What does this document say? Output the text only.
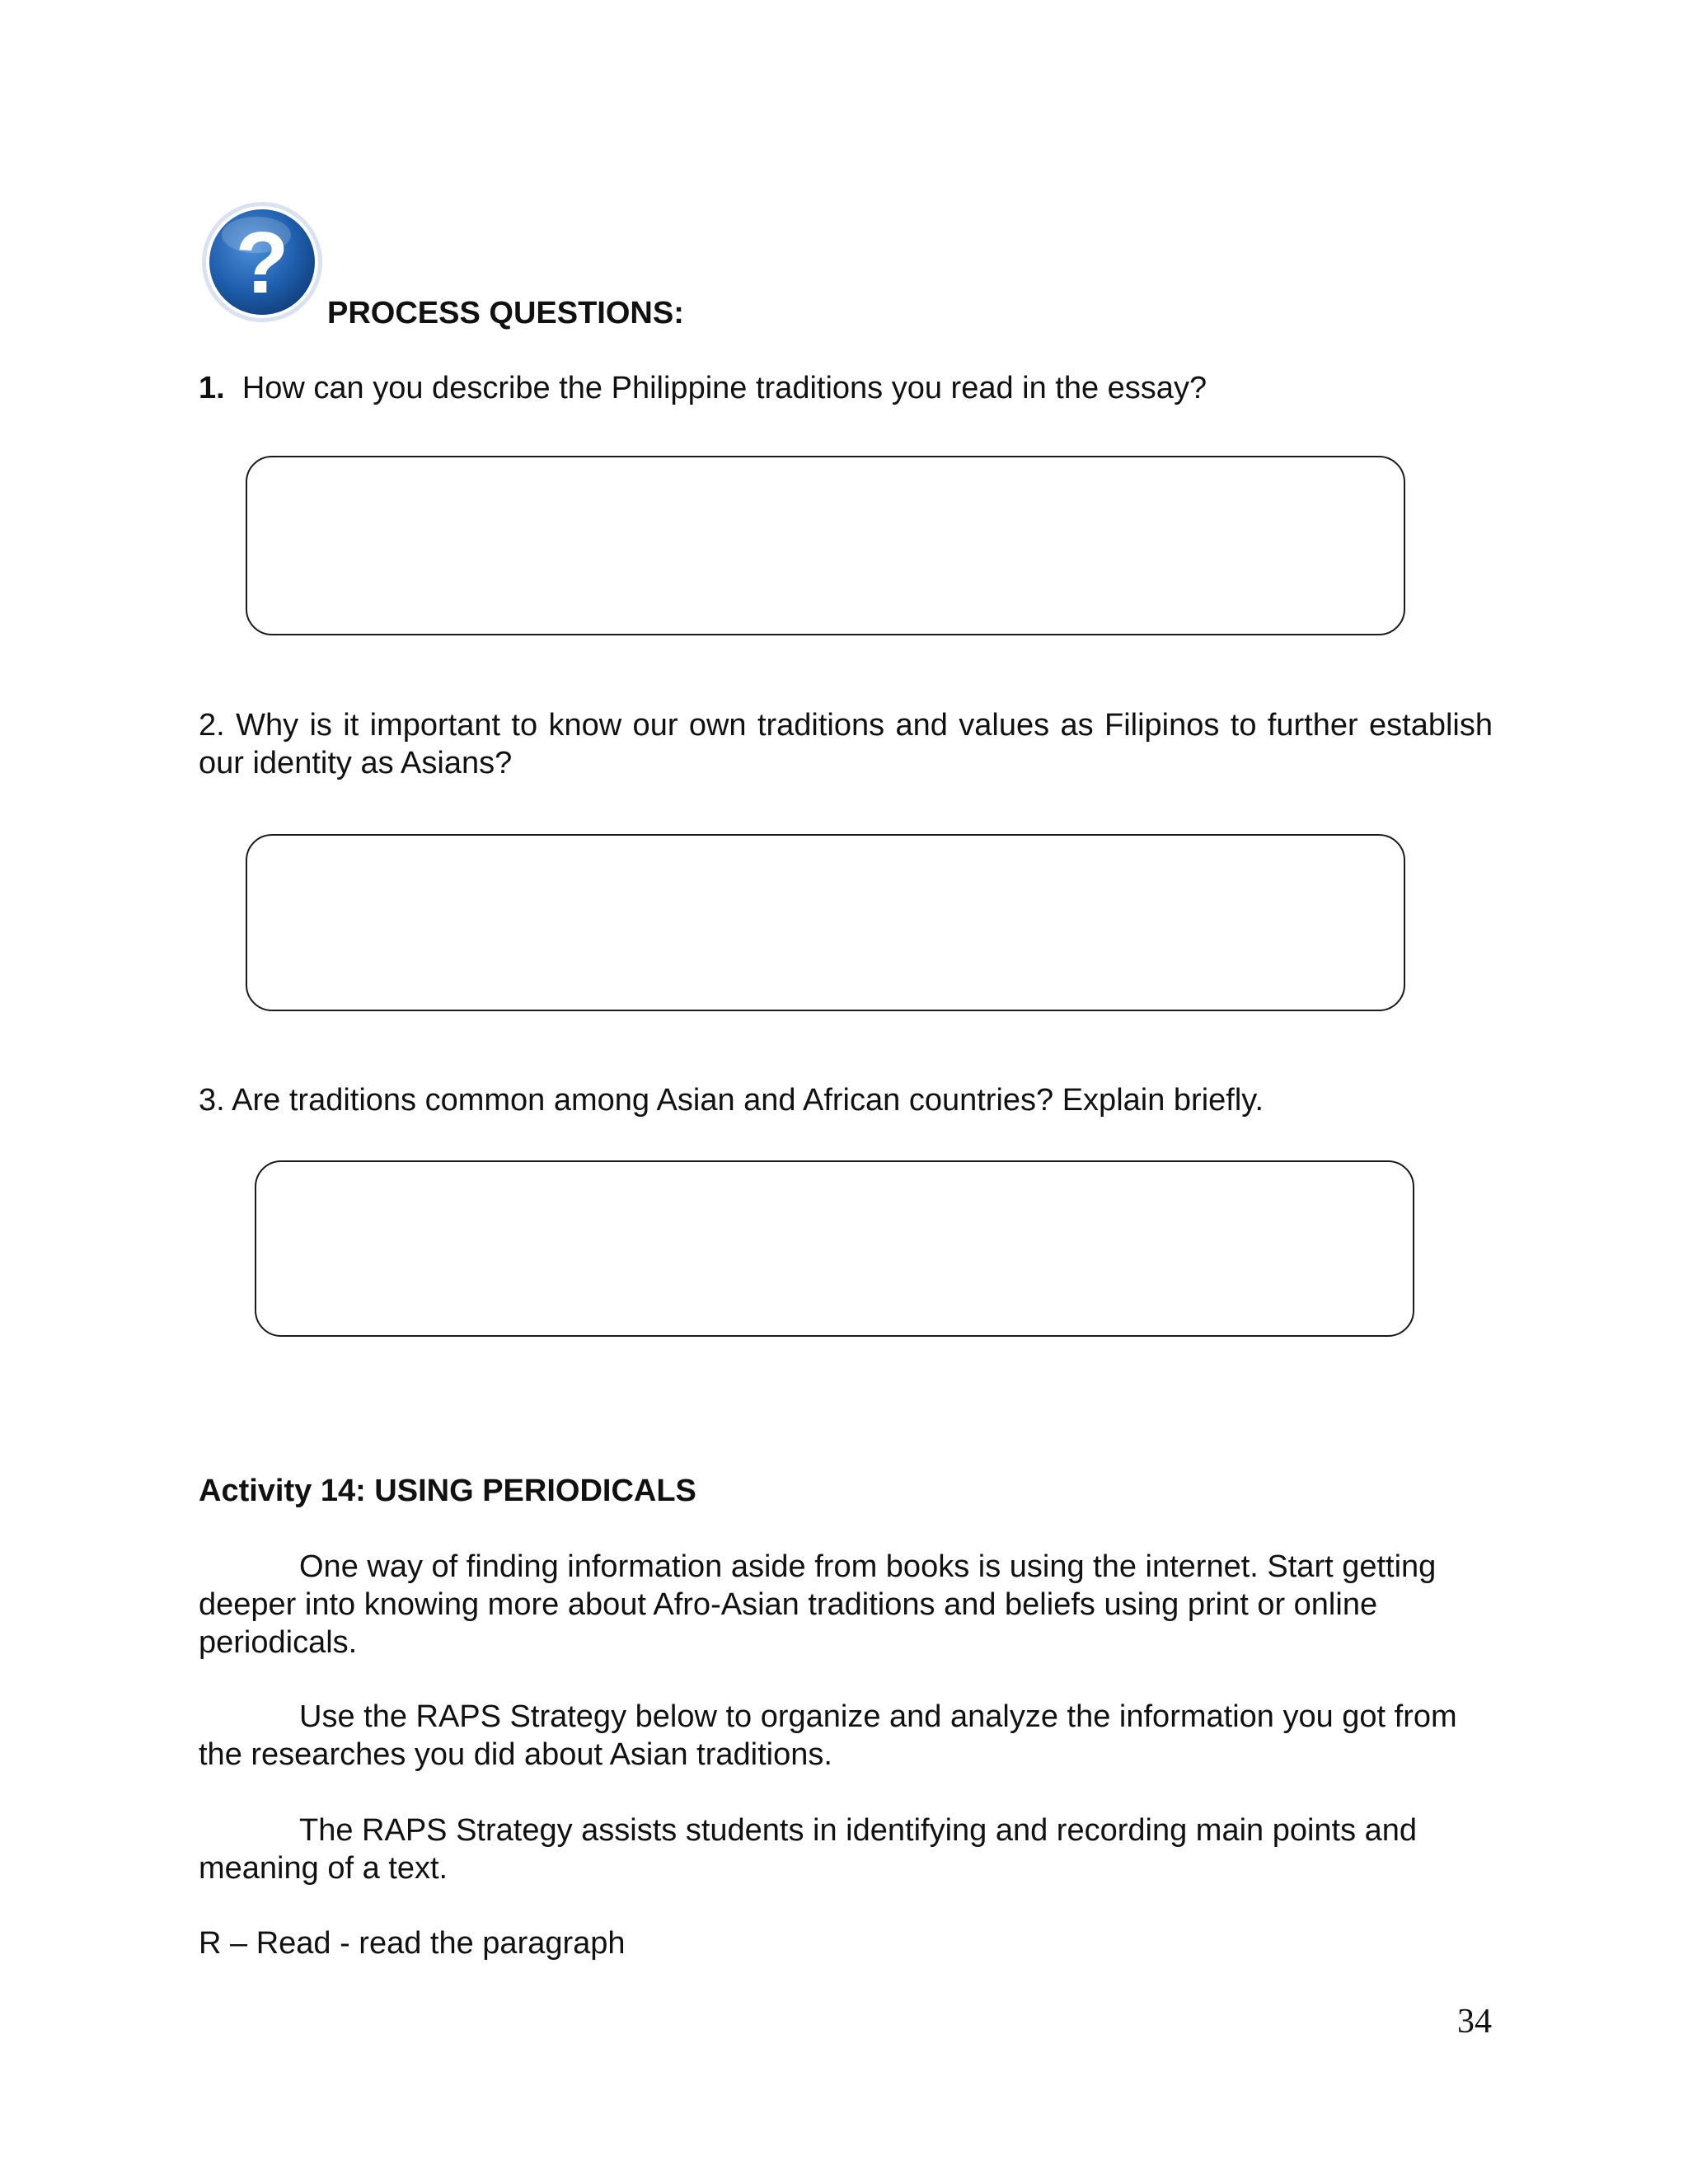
?
PROCESS QUESTIONS:
1. How can you describe the Philippine traditions you read in the essay?
2. Why is it important to know our own traditions and values as Filipinos to further establish our identity as Asians?
3. Are traditions common among Asian and African countries? Explain briefly.
Activity 14: USING PERIODICALS
One way of finding information aside from books is using the internet. Start getting deeper into knowing more about Afro-Asian traditions and beliefs using print or online periodicals.
Use the RAPS Strategy below to organize and analyze the information you got from the researches you did about Asian traditions.
The RAPS Strategy assists students in identifying and recording main points and meaning of a text.
R – Read - read the paragraph
34
